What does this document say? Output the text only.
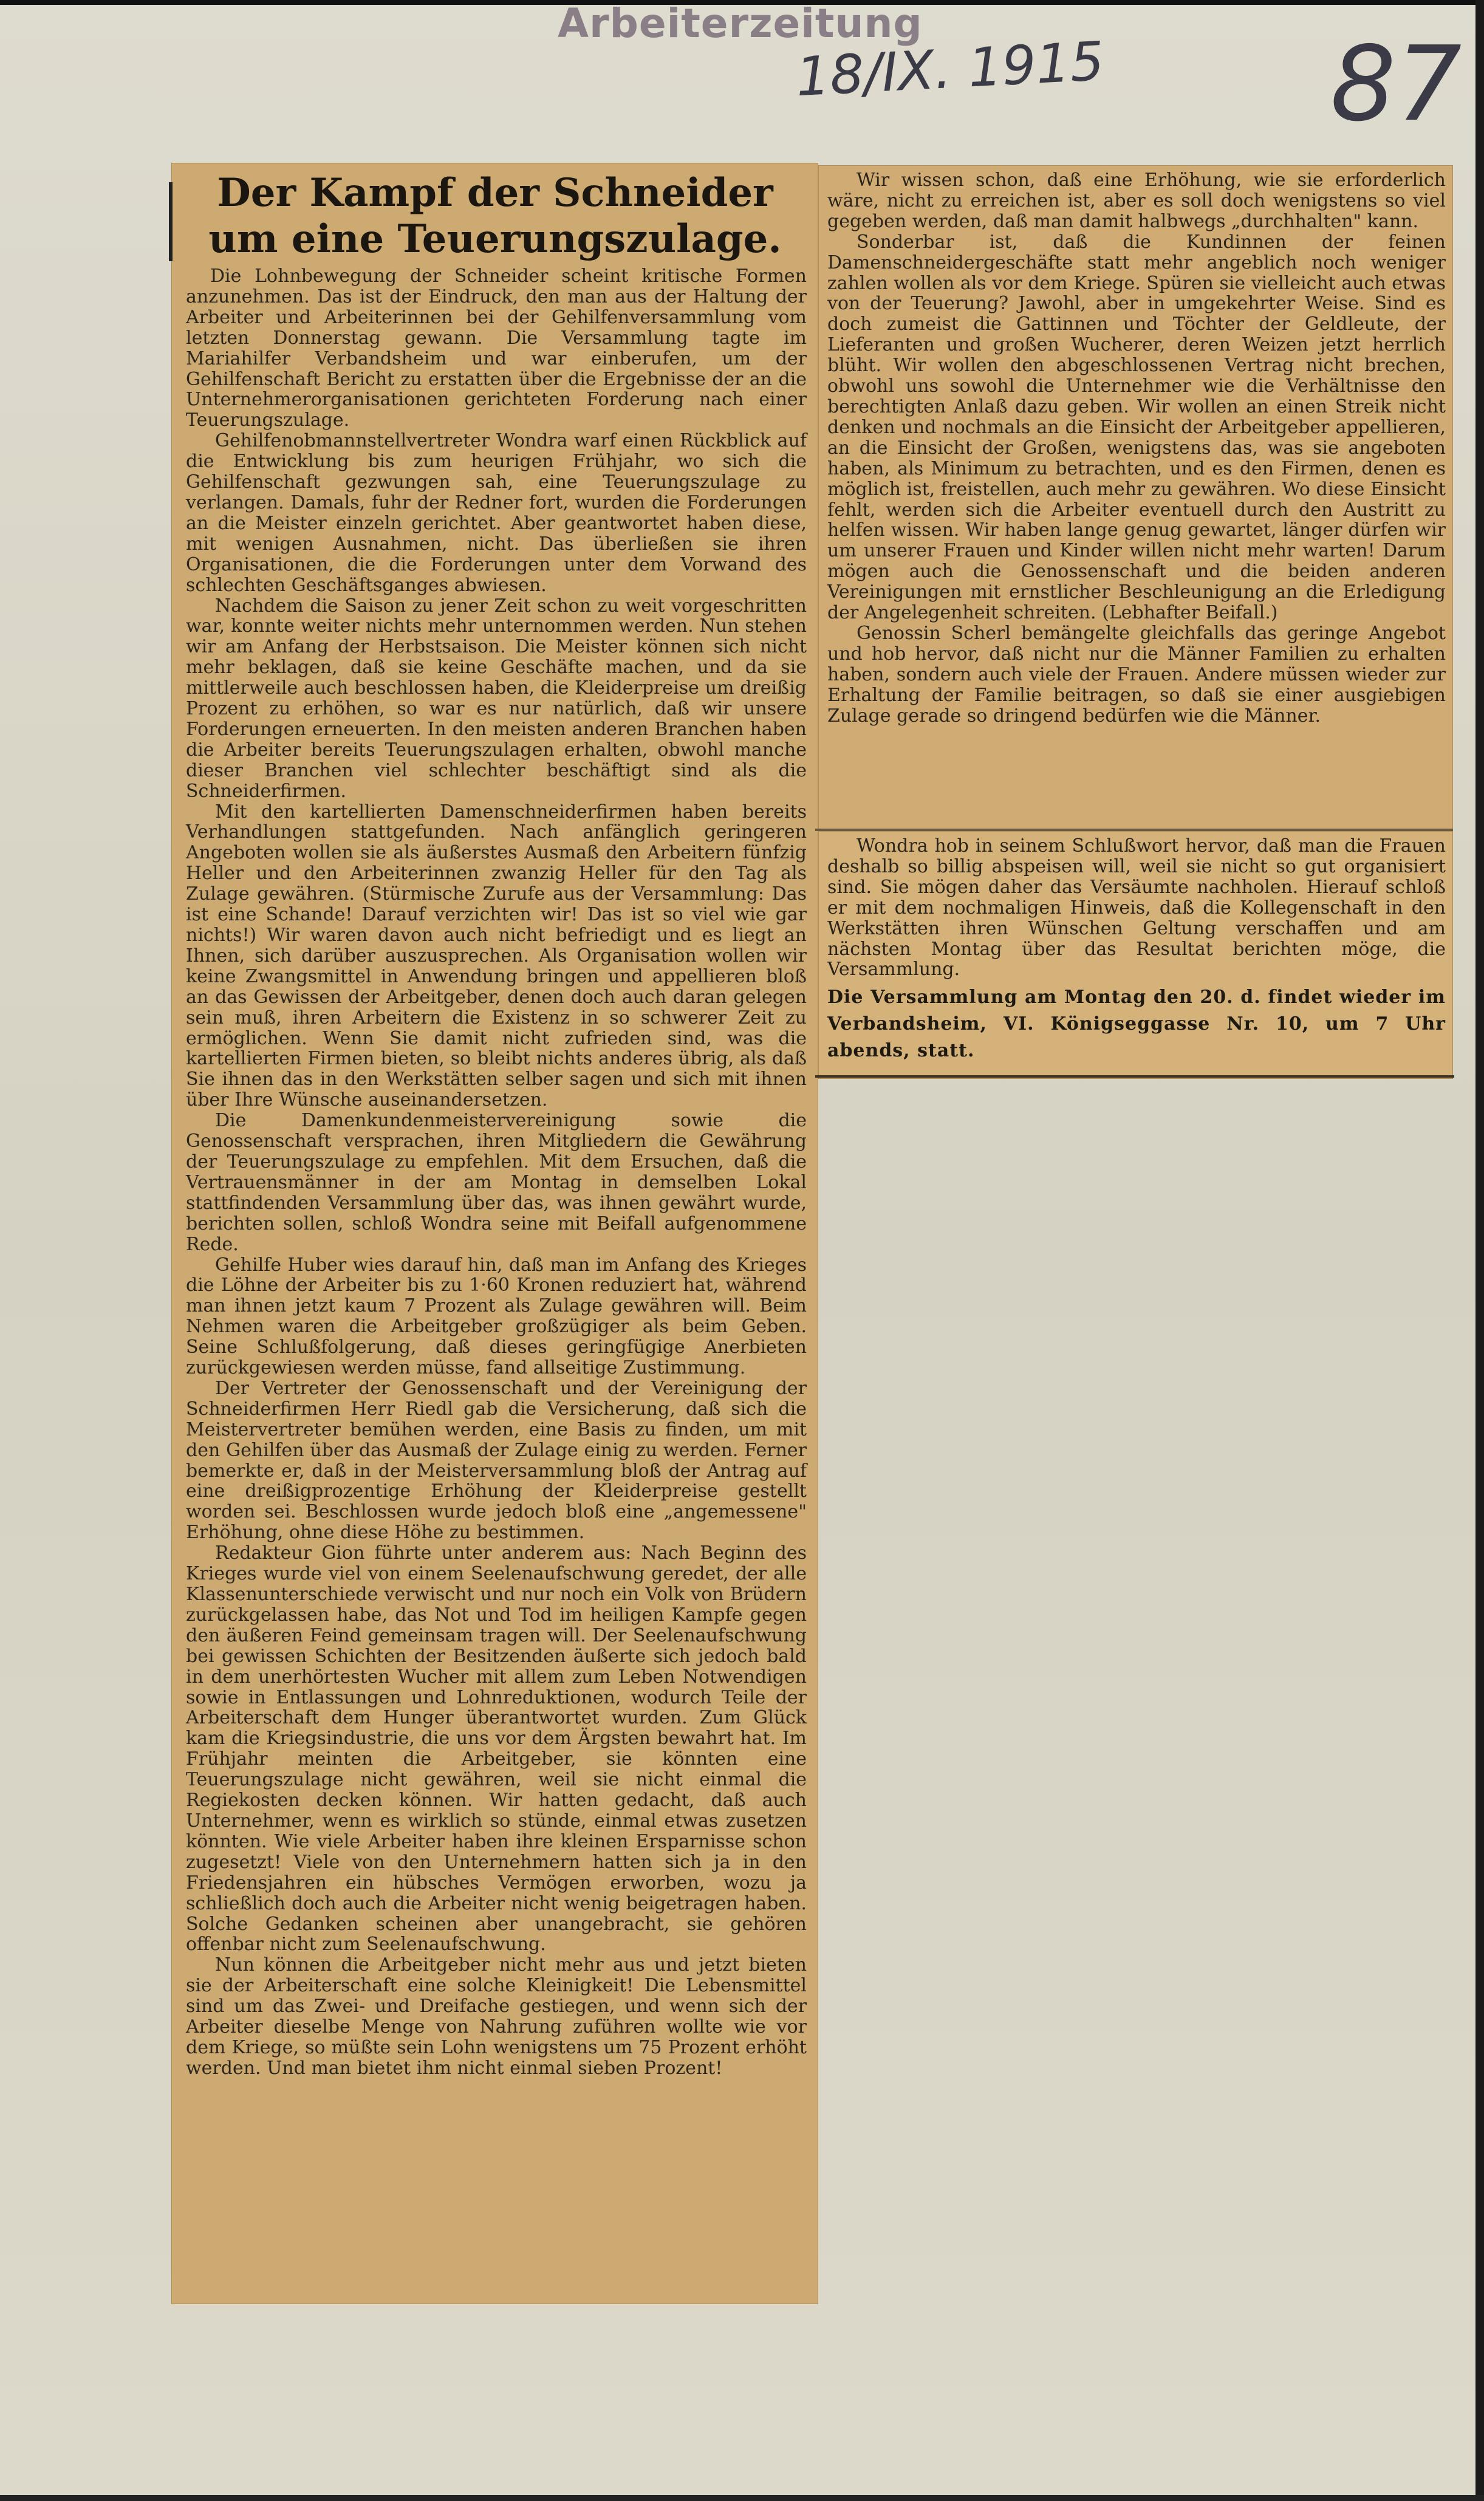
Arbeiterzeitung
18/IX. 1915 87
Der Kampf der Schneider um eine Teuerungszulage.

Die Lohnbewegung der Schneider scheint kritische Formen anzunehmen. Das ist der Eindruck, den man aus der Haltung der Arbeiter und Arbeiterinnen bei der Gehilfenversammlung vom letzten Donnerstag gewann. Die Versammlung tagte im Mariahilfer Verbandsheim und war einberufen, um der Gehilfenschaft Bericht zu erstatten über die Ergebnisse der an die Unternehmerorganisationen gerichteten Forderung nach einer Teuerungszulage.

Gehilfenobmannstellvertreter Wondra warf einen Rückblick auf die Entwicklung bis zum heurigen Frühjahr, wo sich die Gehilfenschaft gezwungen sah, eine Teuerungszulage zu verlangen. Damals, fuhr der Redner fort, wurden die Forderungen an die Meister einzeln gerichtet. Aber geantwortet haben diese, mit wenigen Ausnahmen, nicht. Das überließen sie ihren Organisationen, die die Forderungen unter dem Vorwand des schlechten Geschäftsganges abwiesen.

Nachdem die Saison zu jener Zeit schon zu weit vorgeschritten war, konnte weiter nichts mehr unternommen werden. Nun stehen wir am Anfang der Herbstsaison. Die Meister können sich nicht mehr beklagen, daß sie keine Geschäfte machen, und da sie mittlerweile auch beschlossen haben, die Kleiderpreise um dreißig Prozent zu erhöhen, so war es nur natürlich, daß wir unsere Forderungen erneuerten. In den meisten anderen Branchen haben die Arbeiter bereits Teuerungszulagen erhalten, obwohl manche dieser Branchen viel schlechter beschäftigt sind als die Schneiderfirmen.

Mit den kartellierten Damenschneiderfirmen haben bereits Verhandlungen stattgefunden. Nach anfänglich geringeren Angeboten wollen sie als äußerstes Ausmaß den Arbeitern fünfzig Heller und den Arbeiterinnen zwanzig Heller für den Tag als Zulage gewähren. (Stürmische Zurufe aus der Versammlung: Das ist eine Schande! Darauf verzichten wir! Das ist so viel wie gar nichts!) Wir waren davon auch nicht befriedigt und es liegt an Ihnen, sich darüber auszusprechen. Als Organisation wollen wir keine Zwangsmittel in Anwendung bringen und appellieren bloß an das Gewissen der Arbeitgeber, denen doch auch daran gelegen sein muß, ihren Arbeitern die Existenz in so schwerer Zeit zu ermöglichen. Wenn Sie damit nicht zufrieden sind, was die kartellierten Firmen bieten, so bleibt nichts anderes übrig, als daß Sie ihnen das in den Werkstätten selber sagen und sich mit ihnen über Ihre Wünsche auseinandersetzen.

Die Damenkundenmeistervereinigung sowie die Genossenschaft versprachen, ihren Mitgliedern die Gewährung der Teuerungszulage zu empfehlen. Mit dem Ersuchen, daß die Vertrauensmänner in der am Montag in demselben Lokal stattfindenden Versammlung über das, was ihnen gewährt wurde, berichten sollen, schloß Wondra seine mit Beifall aufgenommene Rede.

Gehilfe Huber wies darauf hin, daß man im Anfang des Krieges die Löhne der Arbeiter bis zu 1·60 Kronen reduziert hat, während man ihnen jetzt kaum 7 Prozent als Zulage gewähren will. Beim Nehmen waren die Arbeitgeber großzügiger als beim Geben. Seine Schlußfolgerung, daß dieses geringfügige Anerbieten zurückgewiesen werden müsse, fand allseitige Zustimmung.

Der Vertreter der Genossenschaft und der Vereinigung der Schneiderfirmen Herr Riedl gab die Versicherung, daß sich die Meistervertreter bemühen werden, eine Basis zu finden, um mit den Gehilfen über das Ausmaß der Zulage einig zu werden. Ferner bemerkte er, daß in der Meisterversammlung bloß der Antrag auf eine dreißigprozentige Erhöhung der Kleiderpreise gestellt worden sei. Beschlossen wurde jedoch bloß eine „angemessene" Erhöhung, ohne diese Höhe zu bestimmen.

Redakteur Gion führte unter anderem aus: Nach Beginn des Krieges wurde viel von einem Seelenaufschwung geredet, der alle Klassenunterschiede verwischt und nur noch ein Volk von Brüdern zurückgelassen habe, das Not und Tod im heiligen Kampfe gegen den äußeren Feind gemeinsam tragen will. Der Seelenaufschwung bei gewissen Schichten der Besitzenden äußerte sich jedoch bald in dem unerhörtesten Wucher mit allem zum Leben Notwendigen sowie in Entlassungen und Lohnreduktionen, wodurch Teile der Arbeiterschaft dem Hunger überantwortet wurden. Zum Glück kam die Kriegsindustrie, die uns vor dem Ärgsten bewahrt hat. Im Frühjahr meinten die Arbeitgeber, sie könnten eine Teuerungszulage nicht gewähren, weil sie nicht einmal die Regiekosten decken können. Wir hatten gedacht, daß auch Unternehmer, wenn es wirklich so stünde, einmal etwas zusetzen könnten. Wie viele Arbeiter haben ihre kleinen Ersparnisse schon zugesetzt! Viele von den Unternehmern hatten sich ja in den Friedensjahren ein hübsches Vermögen erworben, wozu ja schließlich doch auch die Arbeiter nicht wenig beigetragen haben. Solche Gedanken scheinen aber unangebracht, sie gehören offenbar nicht zum Seelenaufschwung.

Nun können die Arbeitgeber nicht mehr aus und jetzt bieten sie der Arbeiterschaft eine solche Kleinigkeit! Die Lebensmittel sind um das Zwei- und Dreifache gestiegen, und wenn sich der Arbeiter dieselbe Menge von Nahrung zuführen wollte wie vor dem Kriege, so müßte sein Lohn wenigstens um 75 Prozent erhöht werden. Und man bietet ihm nicht einmal sieben Prozent!

Wir wissen schon, daß eine Erhöhung, wie sie erforderlich wäre, nicht zu erreichen ist, aber es soll doch wenigstens so viel gegeben werden, daß man damit halbwegs „durchhalten" kann.

Sonderbar ist, daß die Kundinnen der feinen Damenschneidergeschäfte statt mehr angeblich noch weniger zahlen wollen als vor dem Kriege. Spüren sie vielleicht auch etwas von der Teuerung? Jawohl, aber in umgekehrter Weise. Sind es doch zumeist die Gattinnen und Töchter der Geldleute, der Lieferanten und großen Wucherer, deren Weizen jetzt herrlich blüht. Wir wollen den abgeschlossenen Vertrag nicht brechen, obwohl uns sowohl die Unternehmer wie die Verhältnisse den berechtigten Anlaß dazu geben. Wir wollen an einen Streik nicht denken und nochmals an die Einsicht der Arbeitgeber appellieren, an die Einsicht der Großen, wenigstens das, was sie angeboten haben, als Minimum zu betrachten, und es den Firmen, denen es möglich ist, freistellen, auch mehr zu gewähren. Wo diese Einsicht fehlt, werden sich die Arbeiter eventuell durch den Austritt zu helfen wissen. Wir haben lange genug gewartet, länger dürfen wir um unserer Frauen und Kinder willen nicht mehr warten! Darum mögen auch die Genossenschaft und die beiden anderen Vereinigungen mit ernstlicher Beschleunigung an die Erledigung der Angelegenheit schreiten. (Lebhafter Beifall.)

Genossin Scherl bemängelte gleichfalls das geringe Angebot und hob hervor, daß nicht nur die Männer Familien zu erhalten haben, sondern auch viele der Frauen. Andere müssen wieder zur Erhaltung der Familie beitragen, so daß sie einer ausgiebigen Zulage gerade so dringend bedürfen wie die Männer.

Wondra hob in seinem Schlußwort hervor, daß man die Frauen deshalb so billig abspeisen will, weil sie nicht so gut organisiert sind. Sie mögen daher das Versäumte nachholen. Hierauf schloß er mit dem nochmaligen Hinweis, daß die Kollegenschaft in den Werkstätten ihren Wünschen Geltung verschaffen und am nächsten Montag über das Resultat berichten möge, die Versammlung.

Die Versammlung am Montag den 20. d. findet wieder im Verbandsheim, VI. Königseggasse Nr. 10, um 7 Uhr abends, statt.
